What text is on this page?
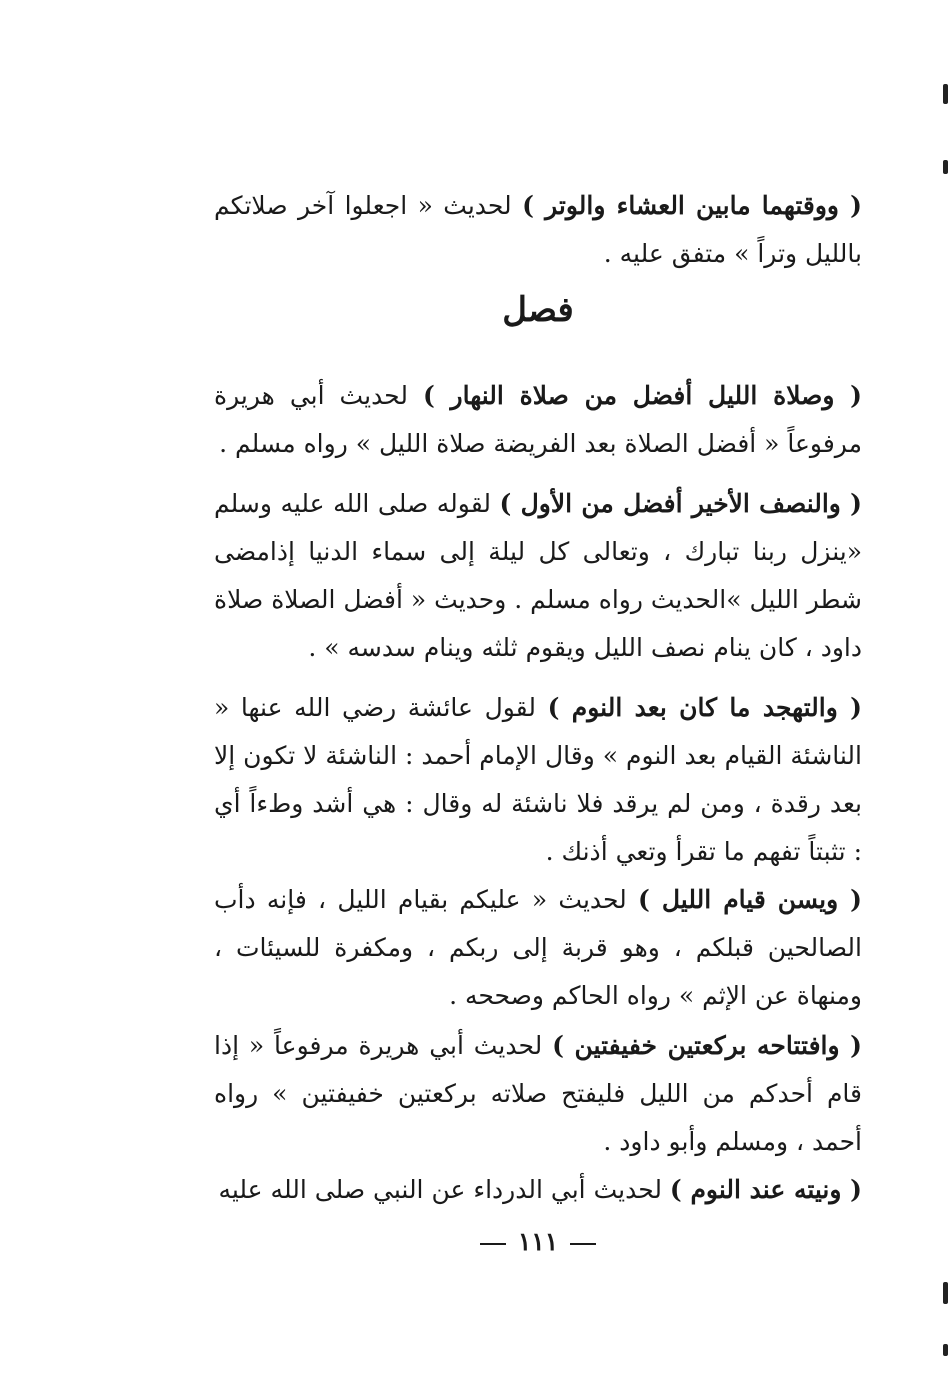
( ووقتهما مابين العشاء والوتر ) لحديث « اجعلوا آخر صلاتكم بالليل وتراً » متفق عليه .
فصل
( وصلاة الليل أفضل من صلاة النهار ) لحديث أبي هريرة مرفوعاً « أفضل الصلاة بعد الفريضة صلاة الليل » رواه مسلم .
( والنصف الأخير أفضل من الأول ) لقوله صلى الله عليه وسلم «ينزل ربنا تبارك ، وتعالى كل ليلة إلى سماء الدنيا إذامضى شطر الليل »الحديث رواه مسلم . وحديث « أفضل الصلاة صلاة داود ، كان ينام نصف الليل ويقوم ثلثه وينام سدسه » .
( والتهجد ما كان بعد النوم ) لقول عائشة رضي الله عنها « الناشئة القيام بعد النوم » وقال الإمام أحمد : الناشئة لا تكون إلا بعد رقدة ، ومن لم يرقد فلا ناشئة له وقال : هي أشد وطءاً أي : تثبتاً تفهم ما تقرأ وتعي أذنك .
( ويسن قيام الليل ) لحديث « عليكم بقيام الليل ، فإنه دأب الصالحين قبلكم ، وهو قربة إلى ربكم ، ومكفرة للسيئات ، ومنهاة عن الإثم » رواه الحاكم وصححه .
( وافتتاحه بركعتين خفيفتين ) لحديث أبي هريرة مرفوعاً « إذا قام أحدكم من الليل فليفتح صلاته بركعتين خفيفتين » رواه أحمد ، ومسلم وأبو داود .
( ونيته عند النوم ) لحديث أبي الدرداء عن النبي صلى الله عليه
١١١
